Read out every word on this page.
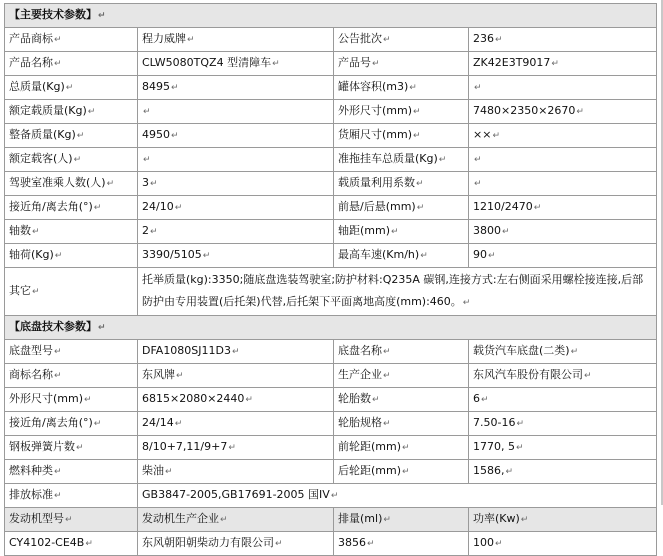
【主要技术参数】↵			
产品商标↵	程力威牌↵	公告批次↵	236↵
产品名称↵	CLW5080TQZ4 型清障车↵	产品号↵	ZK42E3T9017↵
总质量(Kg)↵	8495↵	罐体容积(m3)↵	↵
额定载质量(Kg)↵	↵	外形尺寸(mm)↵	7480×2350×2670↵
整备质量(Kg)↵	4950↵	货厢尺寸(mm)↵	××↵
额定载客(人)↵	↵	准拖挂车总质量(Kg)↵	↵
驾驶室准乘人数(人)↵	3↵	载质量利用系数↵	↵
接近角/离去角(°)↵	24/10↵	前悬/后悬(mm)↵	1210/2470↵
轴数↵	2↵	轴距(mm)↵	3800↵
轴荷(Kg)↵	3390/5105↵	最高车速(Km/h)↵	90↵
其它↵	托举质量(kg):3350;随底盘选装驾驶室;防护材料:Q235A 碳钢,连接方式:左右侧面采用螺栓接连接,后部防护由专用装置(后托架)代替,后托架下平面离地高度(mm):460。↵		
【底盘技术参数】↵			
底盘型号↵	DFA1080SJ11D3↵	底盘名称↵	载货汽车底盘(二类)↵
商标名称↵	东风牌↵	生产企业↵	东风汽车股份有限公司↵
外形尺寸(mm)↵	6815×2080×2440↵	轮胎数↵	6↵
接近角/离去角(°)↵	24/14↵	轮胎规格↵	7.50-16↵
钢板弹簧片数↵	8/10+7,11/9+7↵	前轮距(mm)↵	1770, 5↵
燃料种类↵	柴油↵	后轮距(mm)↵	1586,↵
排放标准↵	GB3847-2005,GB17691-2005 国IV↵		
发动机型号↵	发动机生产企业↵	排量(ml)↵	功率(Kw)↵
CY4102-CE4B↵	东风朝阳朝柴动力有限公司↵	3856↵	100↵
